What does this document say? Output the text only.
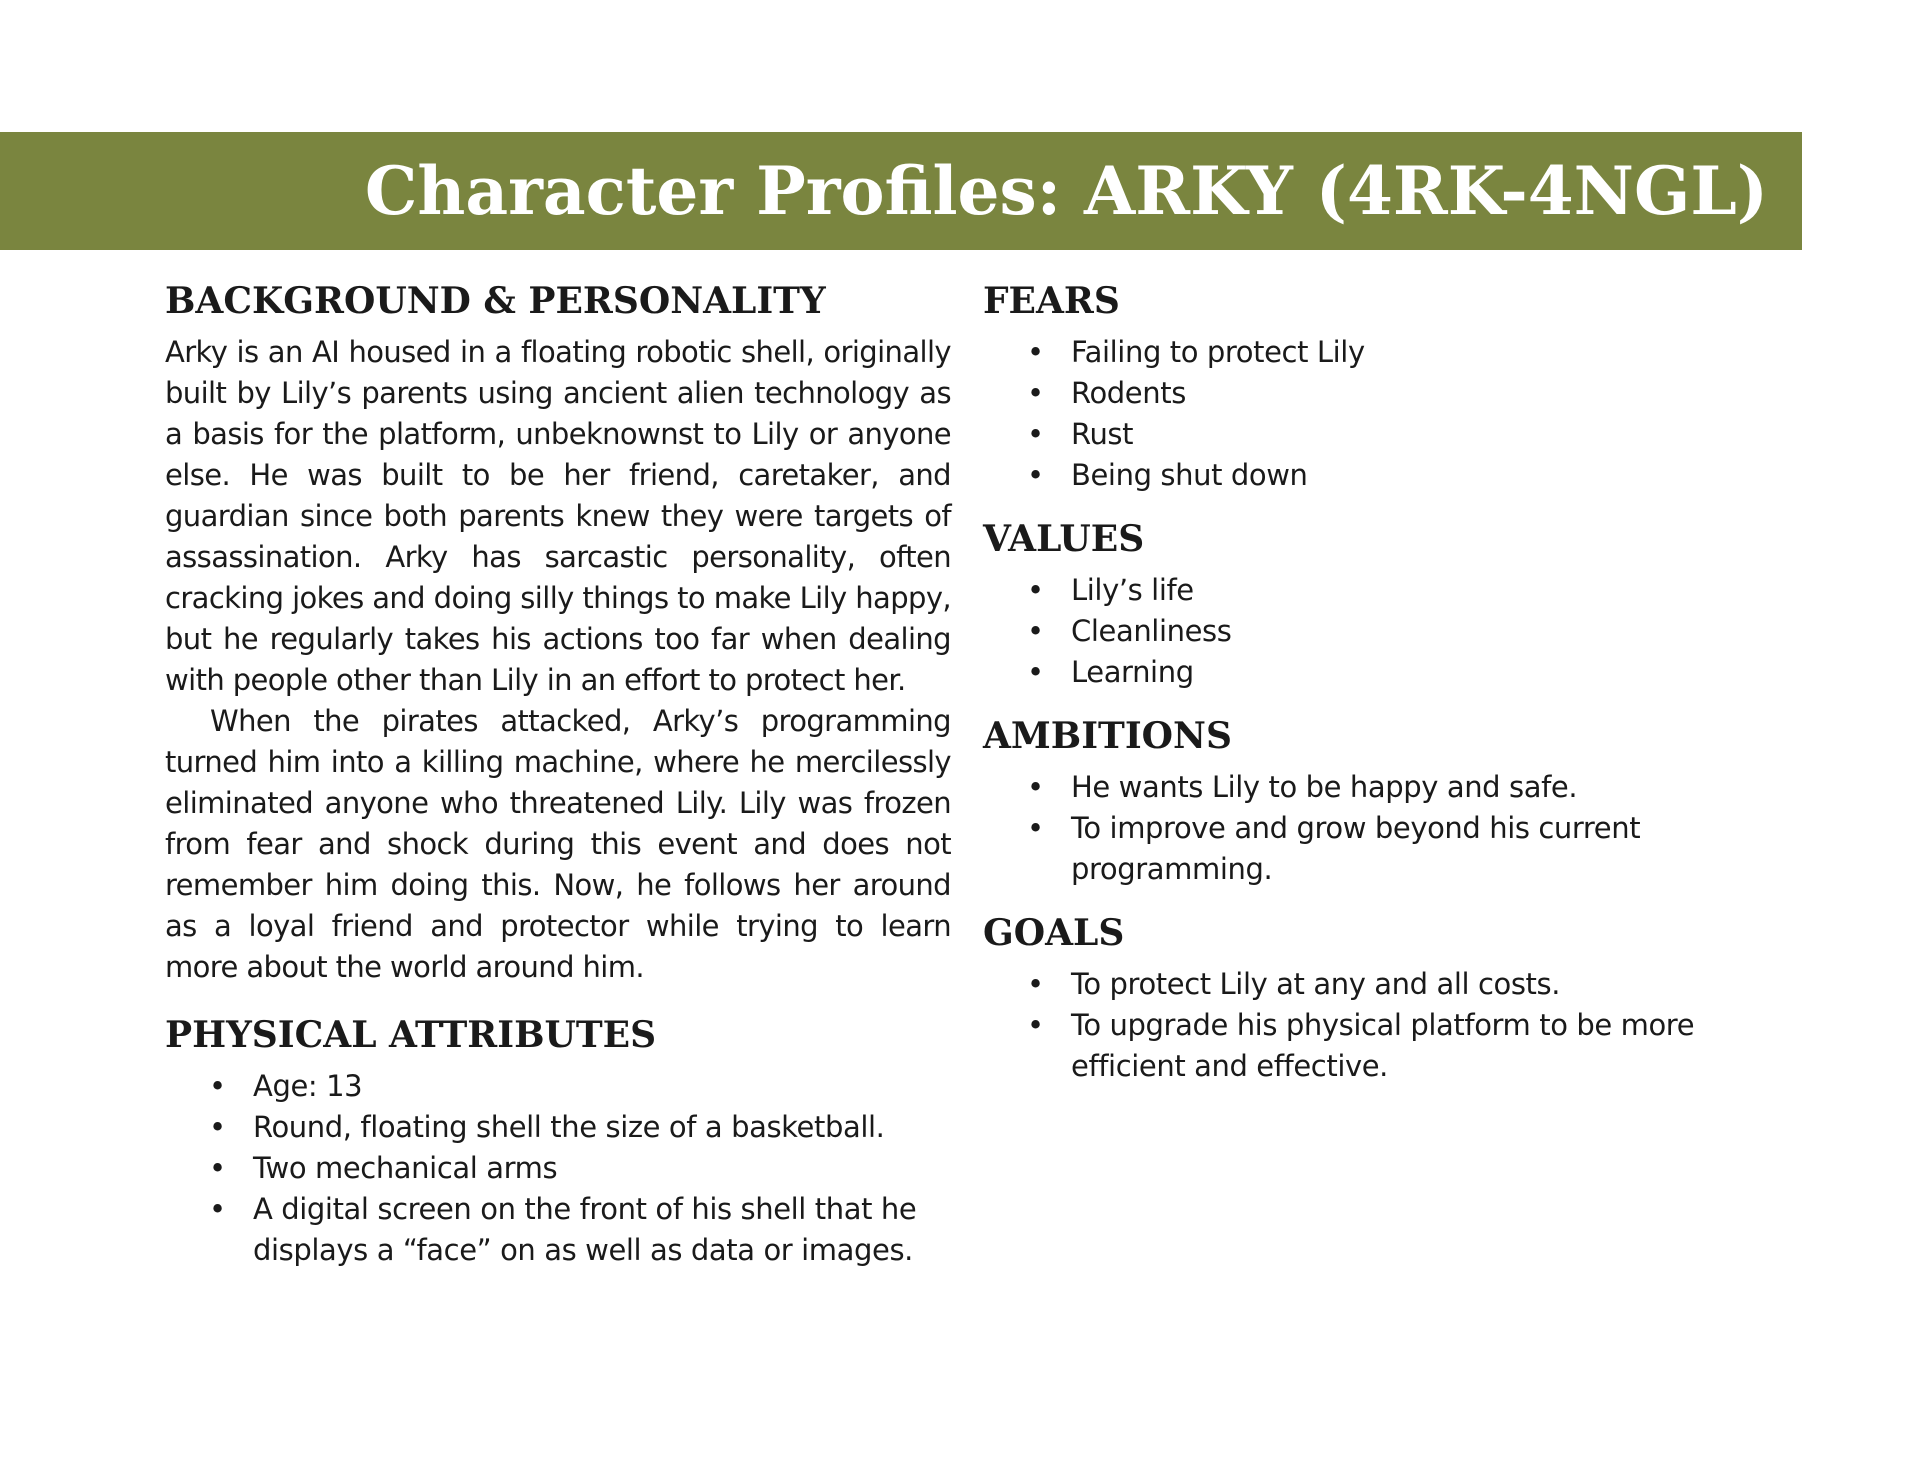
Character Profiles: ARKY (4RK-4NGL)
BACKGROUND & PERSONALITY

Arky is an AI housed in a floating robotic shell, originally built by Lily’s parents using ancient alien technology as a basis for the platform, unbeknownst to Lily or anyone else. He was built to be her friend, caretaker, and guardian since both parents knew they were targets of assassination. Arky has sarcastic personality, often cracking jokes and doing silly things to make Lily happy, but he regularly takes his actions too far when dealing with people other than Lily in an effort to protect her.

When the pirates attacked, Arky’s programming turned him into a killing machine, where he mercilessly eliminated anyone who threatened Lily. Lily was frozen from fear and shock during this event and does not remember him doing this. Now, he follows her around as a loyal friend and protector while trying to learn more about the world around him.

PHYSICAL ATTRIBUTES
• Age: 13
• Round, floating shell the size of a basketball.
• Two mechanical arms
• A digital screen on the front of his shell that he displays a “face” on as well as data or images.
FEARS
• Failing to protect Lily
• Rodents
• Rust
• Being shut down
VALUES
• Lily’s life
• Cleanliness
• Learning
AMBITIONS
• He wants Lily to be happy and safe.
• To improve and grow beyond his current programming.
GOALS
• To protect Lily at any and all costs.
• To upgrade his physical platform to be more efficient and effective.
